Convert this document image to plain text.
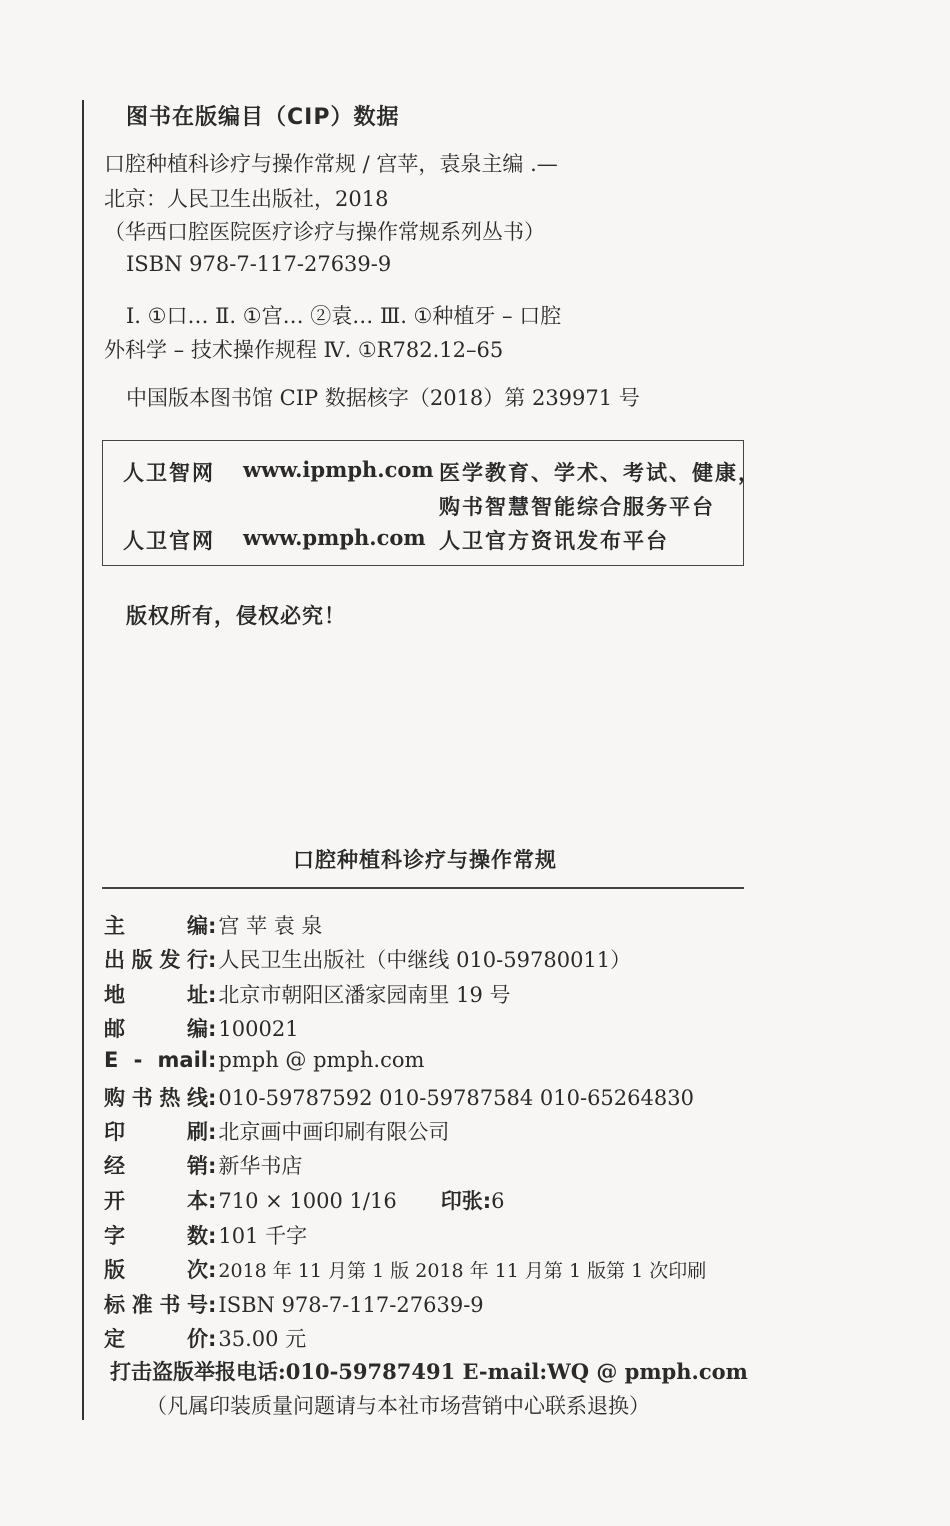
图书在版编目（CIP）数据
口腔种植科诊疗与操作常规 / 宫苹，袁泉主编 .—
北京：人民卫生出版社，2018
（华西口腔医院医疗诊疗与操作常规系列丛书）
ISBN 978-7-117-27639-9
Ⅰ. ①口… Ⅱ. ①宫… ②袁… Ⅲ. ①种植牙 – 口腔
外科学 – 技术操作规程 Ⅳ. ①R782.12–65
中国版本图书馆 CIP 数据核字（2018）第 239971 号
人卫智网 www.ipmph.com 医学教育、学术、考试、健康，
购书智慧智能综合服务平台
人卫官网 www.pmph.com 人卫官方资讯发布平台
版权所有，侵权必究！
口腔种植科诊疗与操作常规
主编:宫 苹 袁 泉
出版发行:人民卫生出版社（中继线 010-59780011）
地址:北京市朝阳区潘家园南里 19 号
邮编:100021
E - mail:pmph @ pmph.com
购书热线:010-59787592 010-59787584 010-65264830
印刷:北京画中画印刷有限公司
经销:新华书店
开本:710 × 1000 1/16 印张:6
字数:101 千字
版次: 2018 年 11 月第 1 版 2018 年 11 月第 1 版第 1 次印刷
标准书号:ISBN 978-7-117-27639-9
定价:35.00 元
打击盗版举报电话:010-59787491 E-mail:WQ @ pmph.com
（凡属印装质量问题请与本社市场营销中心联系退换）
